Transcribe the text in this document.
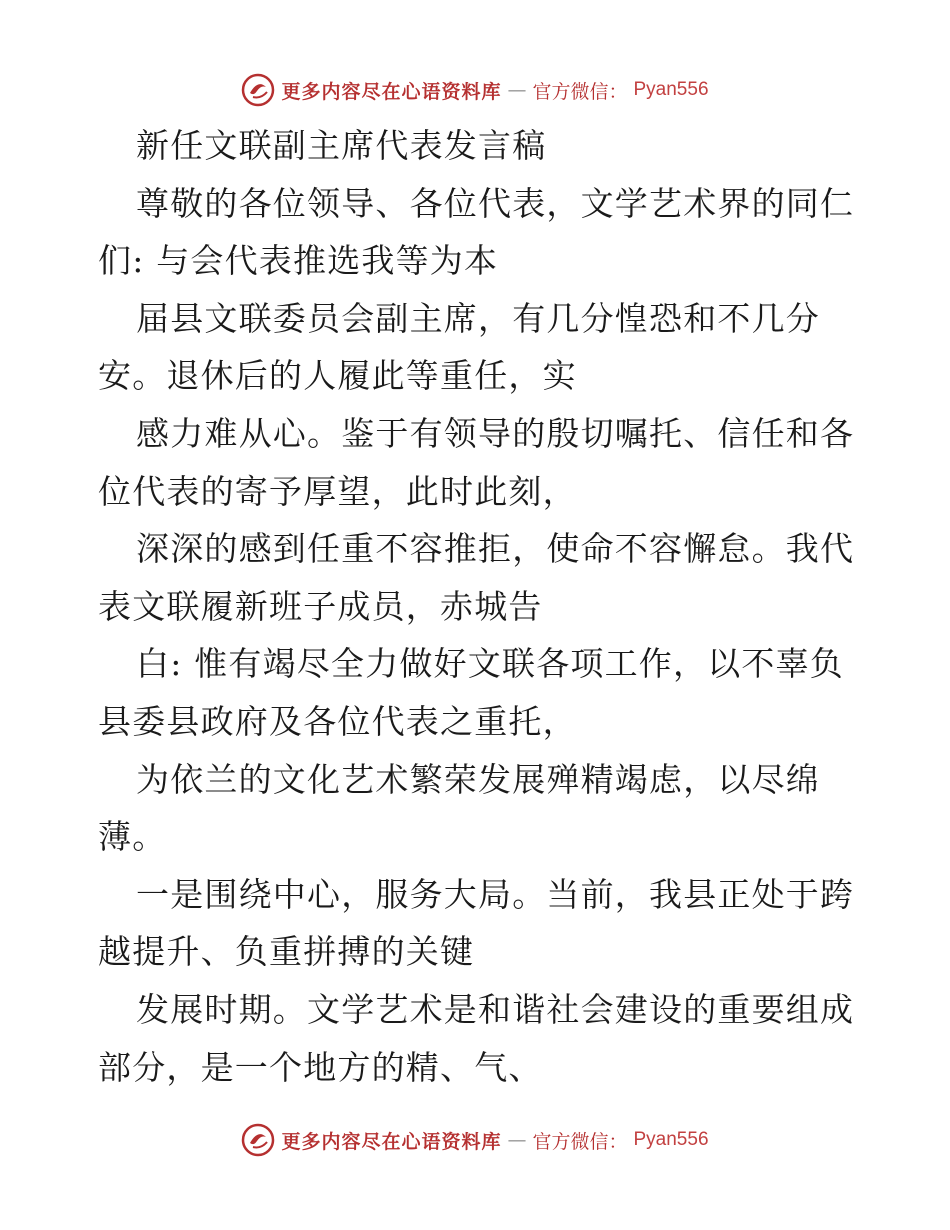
更多内容尽在心语资料库 — 官方微信： Pyan556
新任文联副主席代表发言稿
尊敬的各位领导、各位代表，文学艺术界的同仁
们: 与会代表推选我等为本
届县文联委员会副主席，有几分惶恐和不几分
安。退休后的人履此等重任，实
感力难从心。鉴于有领导的殷切嘱托、信任和各
位代表的寄予厚望，此时此刻，
深深的感到任重不容推拒，使命不容懈怠。我代
表文联履新班子成员，赤城告
白: 惟有竭尽全力做好文联各项工作，以不辜负
县委县政府及各位代表之重托，
为依兰的文化艺术繁荣发展殚精竭虑，以尽绵
薄。
一是围绕中心，服务大局。当前，我县正处于跨
越提升、负重拼搏的关键
发展时期。文学艺术是和谐社会建设的重要组成
部分，是一个地方的精、气、
更多内容尽在心语资料库 — 官方微信： Pyan556
